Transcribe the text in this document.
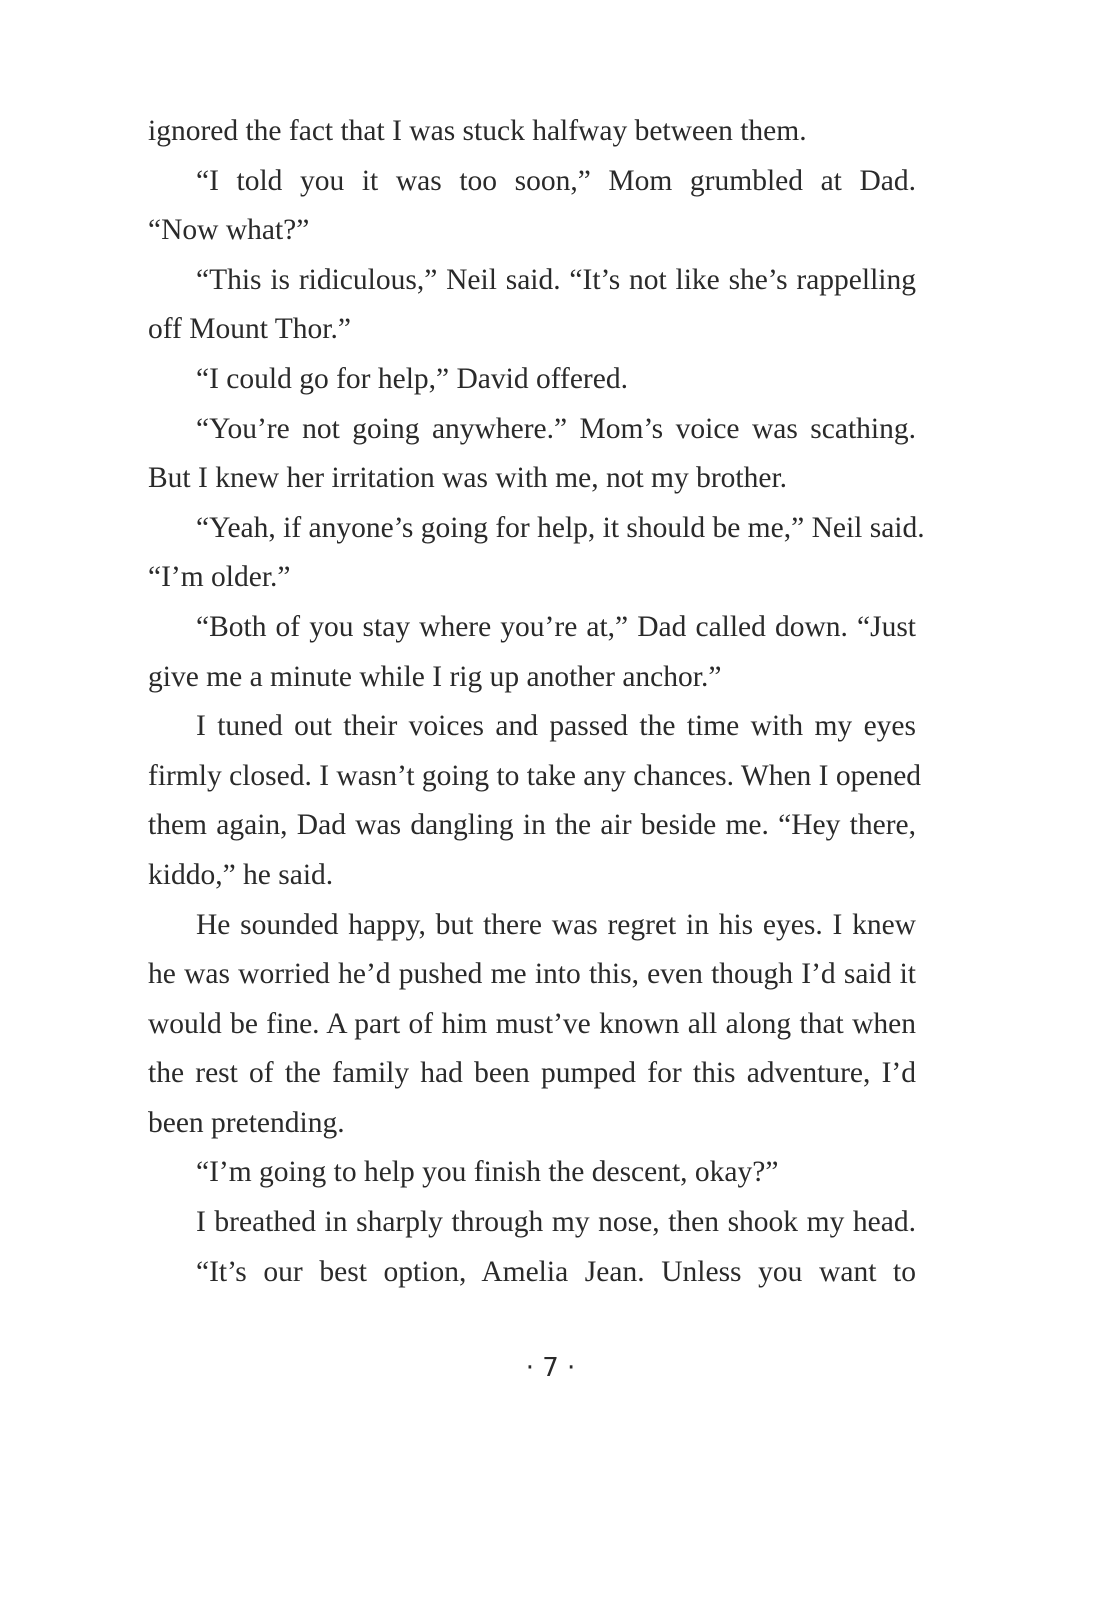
ignored the fact that I was stuck halfway between them.
“I told you it was too soon,” Mom grumbled at Dad.
“Now what?”
“This is ridiculous,” Neil said. “It’s not like she’s rappelling
off Mount Thor.”
“I could go for help,” David offered.
“You’re not going anywhere.” Mom’s voice was scathing.
But I knew her irritation was with me, not my brother.
“Yeah, if anyone’s going for help, it should be me,” Neil said.
“I’m older.”
“Both of you stay where you’re at,” Dad called down. “Just
give me a minute while I rig up another anchor.”
I tuned out their voices and passed the time with my eyes
firmly closed. I wasn’t going to take any chances. When I opened
them again, Dad was dangling in the air beside me. “Hey there,
kiddo,” he said.
He sounded happy, but there was regret in his eyes. I knew
he was worried he’d pushed me into this, even though I’d said it
would be fine. A part of him must’ve known all along that when
the rest of the family had been pumped for this adventure, I’d
been pretending.
“I’m going to help you finish the descent, okay?”
I breathed in sharply through my nose, then shook my head.
“It’s our best option, Amelia Jean. Unless you want to
· 7 ·
